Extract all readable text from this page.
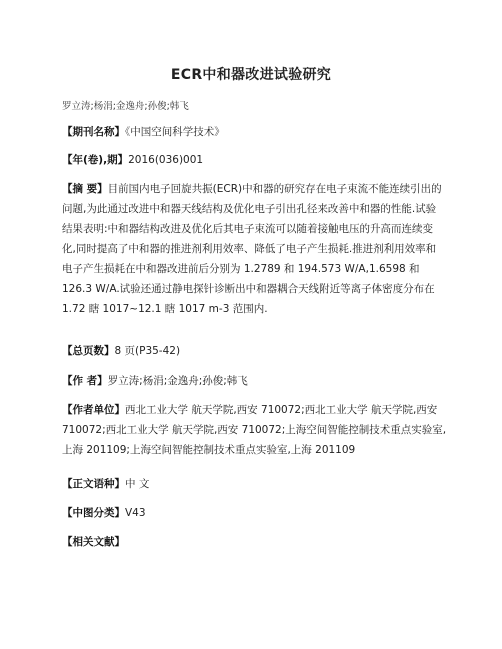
ECR中和器改进试验研究
罗立涛;杨涓;金逸舟;孙俊;韩飞
【期刊名称】《中国空间科学技术》
【年(卷),期】2016(036)001
【摘 要】目前国内电子回旋共振(ECR)中和器的研究存在电子束流不能连续引出的
问题,为此通过改进中和器天线结构及优化电子引出孔径来改善中和器的性能.试验
结果表明:中和器结构改进及优化后其电子束流可以随着接触电压的升高而连续变
化,同时提高了中和器的推进剂利用效率、降低了电子产生损耗.推进剂利用效率和
电子产生损耗在中和器改进前后分别为 1.2789 和 194.573 W/A,1.6598 和
126.3 W/A.试验还通过静电探针诊断出中和器耦合天线附近等离子体密度分布在
1.72 瞎 1017~12.1 瞎 1017 m-3 范围内.
【总页数】8 页(P35-42)
【作 者】罗立涛;杨涓;金逸舟;孙俊;韩飞
【作者单位】西北工业大学 航天学院,西安 710072;西北工业大学 航天学院,西安
710072;西北工业大学 航天学院,西安 710072;上海空间智能控制技术重点实验室,
上海 201109;上海空间智能控制技术重点实验室,上海 201109
【正文语种】中 文
【中图分类】V43
【相关文献】
